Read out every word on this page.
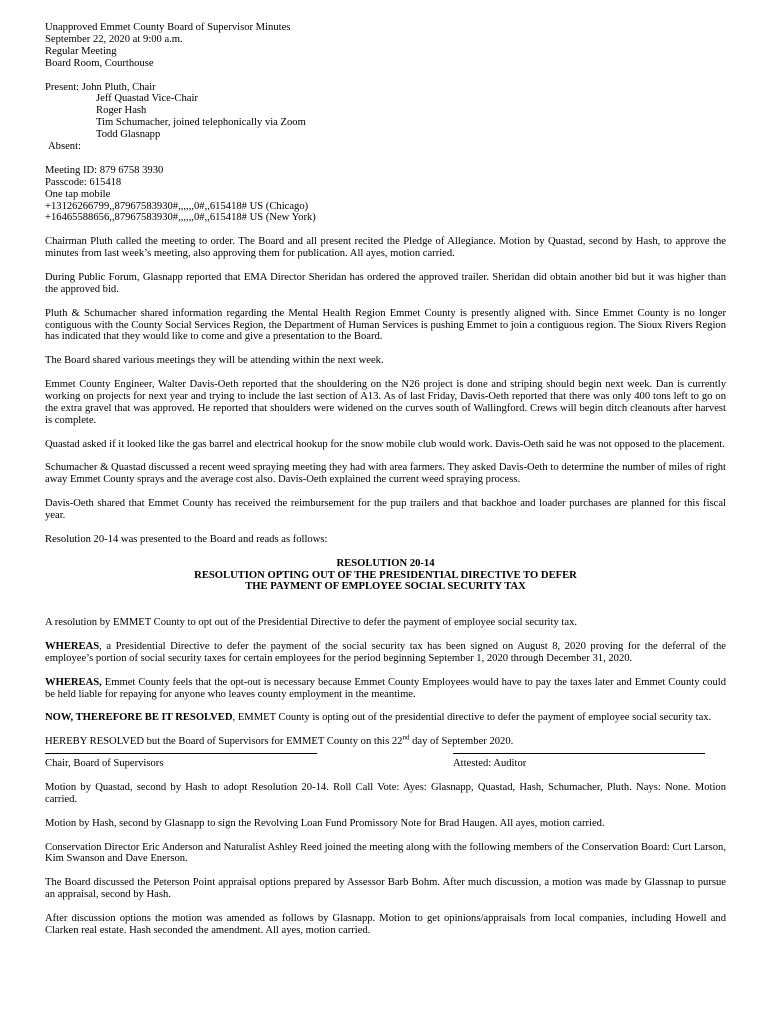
Unapproved Emmet County Board of Supervisor Minutes
September 22, 2020 at 9:00 a.m.
Regular Meeting
Board Room, Courthouse
Present: John Pluth, Chair
Jeff Quastad Vice-Chair
Roger Hash
Tim Schumacher, joined telephonically via Zoom
Todd Glasnapp
Absent:
Meeting ID: 879 6758 3930
Passcode: 615418
One tap mobile
+13126266799,,87967583930#,,,,,,0#,,615418# US (Chicago)
+16465588656,,87967583930#,,,,,,0#,,615418# US (New York)

Chairman Pluth called the meeting to order. The Board and all present recited the Pledge of Allegiance. Motion by Quastad, second by Hash, to approve the minutes from last week’s meeting, also approving them for publication. All ayes, motion carried.

During Public Forum, Glasnapp reported that EMA Director Sheridan has ordered the approved trailer. Sheridan did obtain another bid but it was higher than the approved bid.

Pluth & Schumacher shared information regarding the Mental Health Region Emmet County is presently aligned with. Since Emmet County is no longer contiguous with the County Social Services Region, the Department of Human Services is pushing Emmet to join a contiguous region. The Sioux Rivers Region has indicated that they would like to come and give a presentation to the Board.

The Board shared various meetings they will be attending within the next week.

Emmet County Engineer, Walter Davis-Oeth reported that the shouldering on the N26 project is done and striping should begin next week. Dan is currently working on projects for next year and trying to include the last section of A13. As of last Friday, Davis-Oeth reported that there was only 400 tons left to go on the extra gravel that was approved. He reported that shoulders were widened on the curves south of Wallingford. Crews will begin ditch cleanouts after harvest is complete.

Quastad asked if it looked like the gas barrel and electrical hookup for the snow mobile club would work. Davis-Oeth said he was not opposed to the placement.

Schumacher & Quastad discussed a recent weed spraying meeting they had with area farmers. They asked Davis-Oeth to determine the number of miles of right away Emmet County sprays and the average cost also. Davis-Oeth explained the current weed spraying process.

Davis-Oeth shared that Emmet County has received the reimbursement for the pup trailers and that backhoe and loader purchases are planned for this fiscal year.

Resolution 20-14 was presented to the Board and reads as follows:

RESOLUTION 20-14
RESOLUTION OPTING OUT OF THE PRESIDENTIAL DIRECTIVE TO DEFER
THE PAYMENT OF EMPLOYEE SOCIAL SECURITY TAX

A resolution by EMMET County to opt out of the Presidential Directive to defer the payment of employee social security tax.

WHEREAS, a Presidential Directive to defer the payment of the social security tax has been signed on August 8, 2020 proving for the deferral of the employee’s portion of social security taxes for certain employees for the period beginning September 1, 2020 through December 31, 2020.

WHEREAS, Emmet County feels that the opt-out is necessary because Emmet County Employees would have to pay the taxes later and Emmet County could be held liable for repaying for anyone who leaves county employment in the meantime.

NOW, THEREFORE BE IT RESOLVED, EMMET County is opting out of the presidential directive to defer the payment of employee social security tax.

HEREBY RESOLVED but the Board of Supervisors for EMMET County on this 22nd day of September 2020.
Chair, Board of Supervisors	Attested: Auditor

Motion by Quastad, second by Hash to adopt Resolution 20-14. Roll Call Vote: Ayes: Glasnapp, Quastad, Hash, Schumacher, Pluth. Nays: None. Motion carried.

Motion by Hash, second by Glasnapp to sign the Revolving Loan Fund Promissory Note for Brad Haugen. All ayes, motion carried.

Conservation Director Eric Anderson and Naturalist Ashley Reed joined the meeting along with the following members of the Conservation Board: Curt Larson, Kim Swanson and Dave Enerson.

The Board discussed the Peterson Point appraisal options prepared by Assessor Barb Bohm. After much discussion, a motion was made by Glassnap to pursue an appraisal, second by Hash.

After discussion options the motion was amended as follows by Glasnapp. Motion to get opinions/appraisals from local companies, including Howell and Clarken real estate. Hash seconded the amendment. All ayes, motion carried.
